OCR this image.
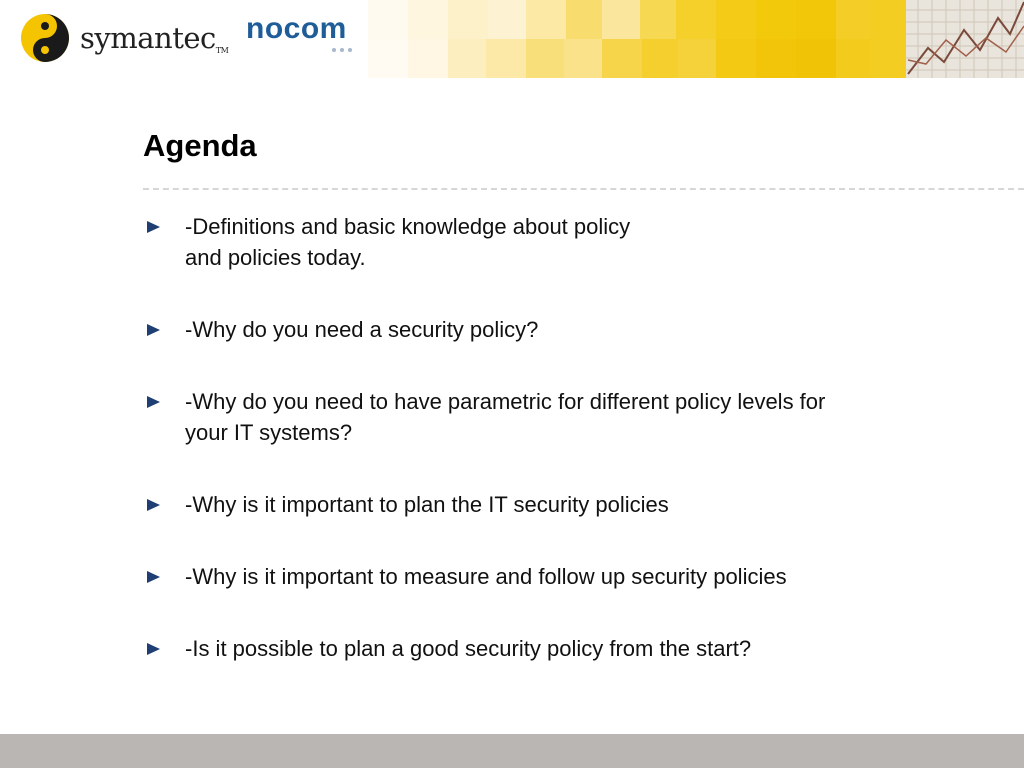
symantecTM
nocom
Agenda
-Definitions and basic knowledge about policy
and policies today.
-Why do you need a security policy?
-Why do you need to have parametric for different policy levels for
your IT systems?
-Why is it important to plan the IT security policies
-Why is it important to measure and follow up security policies
-Is it possible to plan a good security policy from the start?
